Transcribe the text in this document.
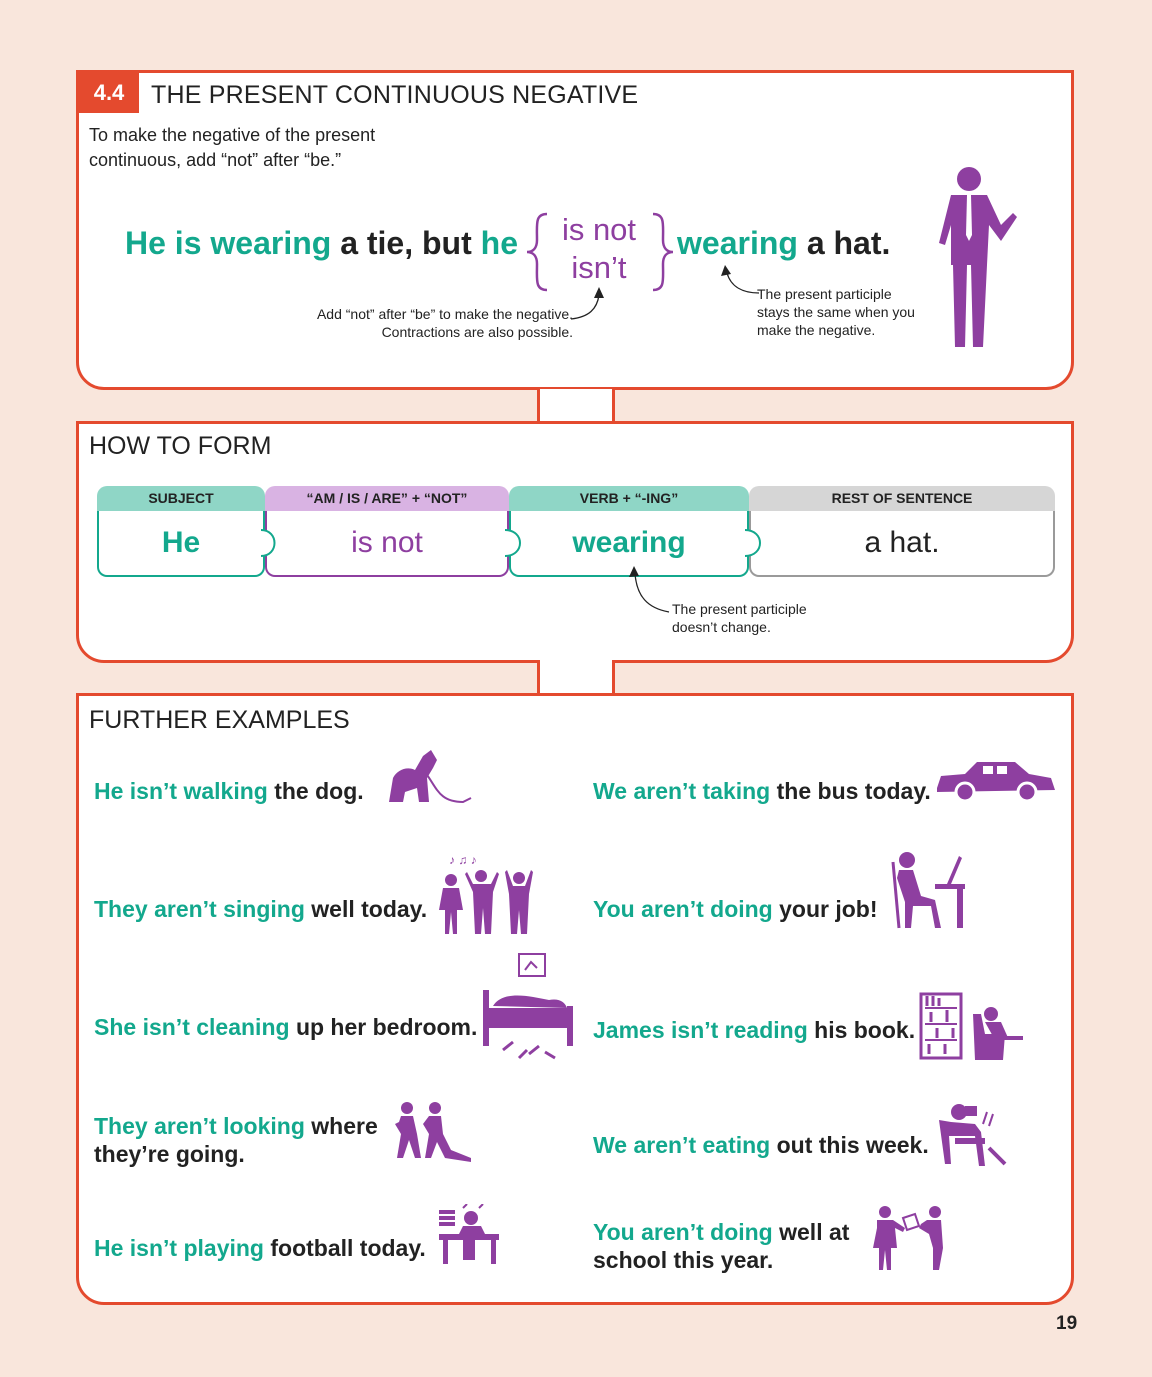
4.4	THE PRESENT CONTINUOUS NEGATIVE
To make the negative of the present continuous, add “not” after “be.”
He is wearing a tie, but he	is not
isn’t
wearing a hat.
Add “not” after “be” to make the negative. Contractions are also possible.
The present participle stays the same when you make the negative.
HOW TO FORM
SUBJECT
He
“AM / IS / ARE” + “NOT”
is not
VERB + “-ING”
wearing
REST OF SENTENCE
a hat.
The present participle doesn’t change.
FURTHER EXAMPLES
He isn’t walking the dog.
They aren’t singing well today.
She isn’t cleaning up her bedroom.
They aren’t looking where
they’re going.
He isn’t playing football today.
We aren’t taking the bus today.
You aren’t doing your job!
James isn’t reading his book.
We aren’t eating out this week.
You aren’t doing well at
school this year.
♪ ♫ ♪
19
